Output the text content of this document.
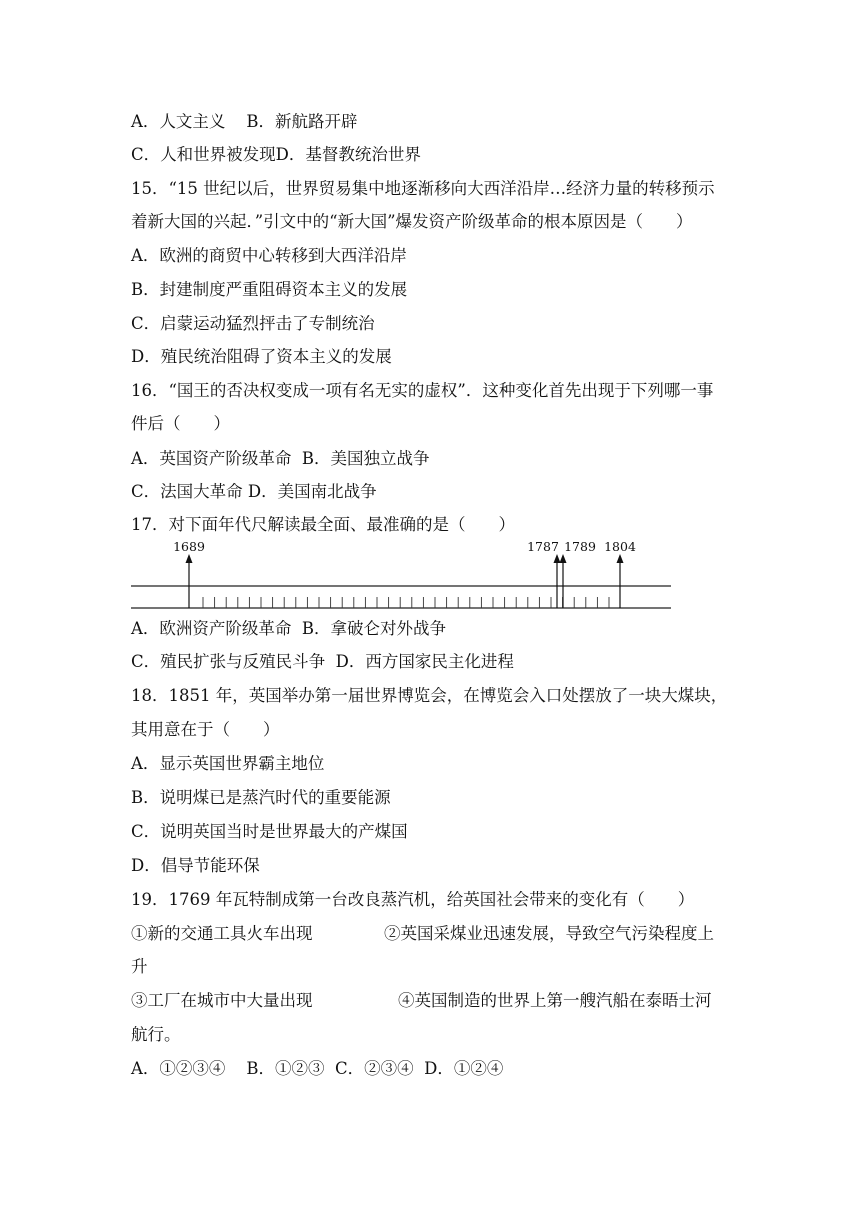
A．人文主义    B．新航路开辟
C．人和世界被发现D．基督教统治世界
15．“15 世纪以后，世界贸易集中地逐渐移向大西洋沿岸…经济力量的转移预示
着新大国的兴起．”引文中的“新大国”爆发资产阶级革命的根本原因是（　　）
A．欧洲的商贸中心转移到大西洋沿岸
B．封建制度严重阻碍资本主义的发展
C．启蒙运动猛烈抨击了专制统治
D．殖民统治阻碍了资本主义的发展
16．“国王的否决权变成一项有名无实的虚权”．这种变化首先出现于下列哪一事
件后（　　）
A．英国资产阶级革命  B．美国独立战争
C．法国大革命 D．美国南北战争
17．对下面年代尺解读最全面、最准确的是（　　）
1689	1787 1789 1804
A．欧洲资产阶级革命  B．拿破仑对外战争
C．殖民扩张与反殖民斗争  D．西方国家民主化进程
18．1851 年，英国举办第一届世界博览会，在博览会入口处摆放了一块大煤块，
其用意在于（　　）
A．显示英国世界霸主地位
B．说明煤已是蒸汽时代的重要能源
C．说明英国当时是世界最大的产煤国
D．倡导节能环保
19．1769 年瓦特制成第一台改良蒸汽机，给英国社会带来的变化有（　　）
①新的交通工具火车出现	②英国采煤业迅速发展，导致空气污染程度上
升
③工厂在城市中大量出现	④英国制造的世界上第一艘汽船在泰晤士河
航行。
A．①②③④    B．①②③  C．②③④  D．①②④
